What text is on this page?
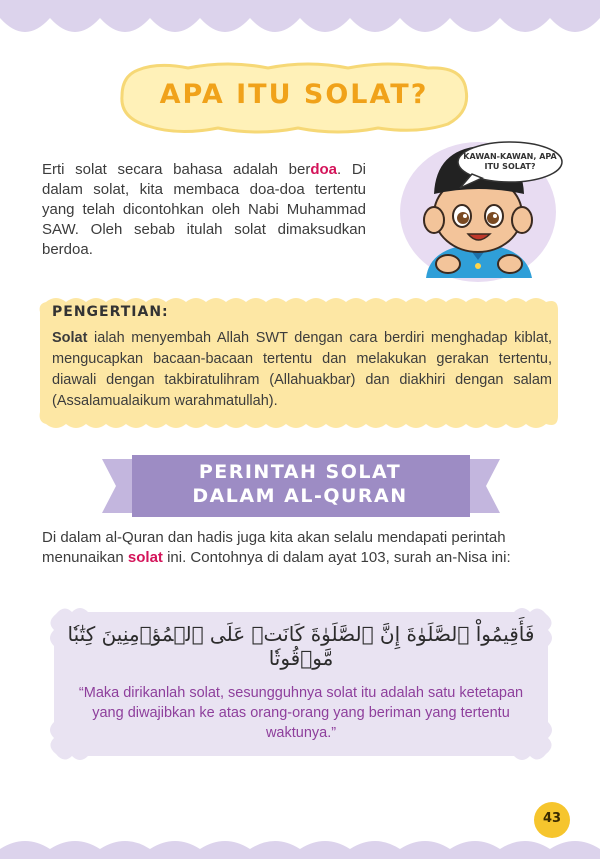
APA ITU SOLAT?

Erti solat secara bahasa adalah berdoa. Di dalam solat, kita membaca doa-doa tertentu yang telah dicontohkan oleh Nabi Muhammad SAW. Oleh sebab itulah solat dimaksudkan berdoa.

KAWAN-KAWAN, APA ITU SOLAT?
PENGERTIAN:

Solat ialah menyembah Allah SWT dengan cara berdiri menghadap kiblat, mengucapkan bacaan-bacaan tertentu dan melakukan gerakan tertentu, diawali dengan takbiratulihram (Allahuakbar) dan diakhiri dengan salam (Assalamualaikum warahmatullah).

PERINTAH SOLAT
DALAM AL-QURAN

Di dalam al-Quran dan hadis juga kita akan selalu mendapati perintah menunaikan solat ini. Contohnya di dalam ayat 103, surah an-Nisa ini:

فَأَقِيمُواْ ٱلصَّلَوٰةَ إِنَّ ٱلصَّلَوٰةَ كَانَتۡ عَلَى ٱلۡمُؤۡمِنِينَ كِتَٰبٗا مَّوۡقُوتٗا

“Maka dirikanlah solat, sesungguhnya solat itu adalah satu ketetapan yang diwajibkan ke atas orang-orang yang beriman yang tertentu waktunya.”

43
